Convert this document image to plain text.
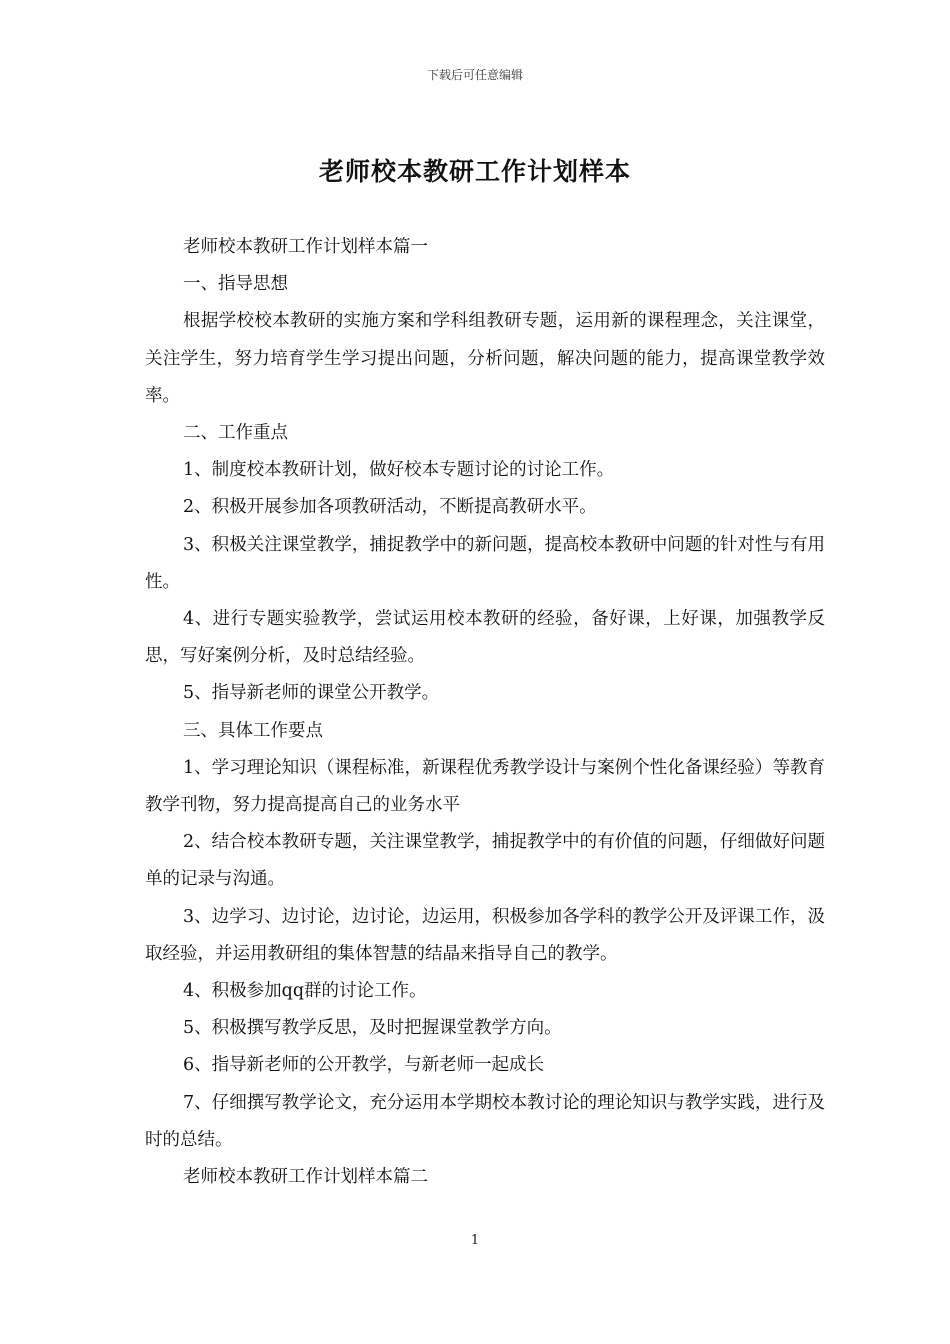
下载后可任意编辑
老师校本教研工作计划样本

老师校本教研工作计划样本篇一

一、指导思想

根据学校校本教研的实施方案和学科组教研专题，运用新的课程理念，关注课堂，关注学生，努力培育学生学习提出问题，分析问题，解决问题的能力，提高课堂教学效率。

二、工作重点

1、制度校本教研计划，做好校本专题讨论的讨论工作。

2、积极开展参加各项教研活动，不断提高教研水平。

3、积极关注课堂教学，捕捉教学中的新问题，提高校本教研中问题的针对性与有用性。

4、进行专题实验教学，尝试运用校本教研的经验，备好课，上好课，加强教学反思，写好案例分析，及时总结经验。

5、指导新老师的课堂公开教学。

三、具体工作要点

1、学习理论知识（课程标准，新课程优秀教学设计与案例个性化备课经验）等教育教学刊物，努力提高提高自己的业务水平

2、结合校本教研专题，关注课堂教学，捕捉教学中的有价值的问题，仔细做好问题单的记录与沟通。

3、边学习、边讨论，边讨论，边运用，积极参加各学科的教学公开及评课工作，汲取经验，并运用教研组的集体智慧的结晶来指导自己的教学。

4、积极参加qq群的讨论工作。

5、积极撰写教学反思，及时把握课堂教学方向。

6、指导新老师的公开教学，与新老师一起成长

7、仔细撰写教学论文，充分运用本学期校本教讨论的理论知识与教学实践，进行及时的总结。

老师校本教研工作计划样本篇二

1
